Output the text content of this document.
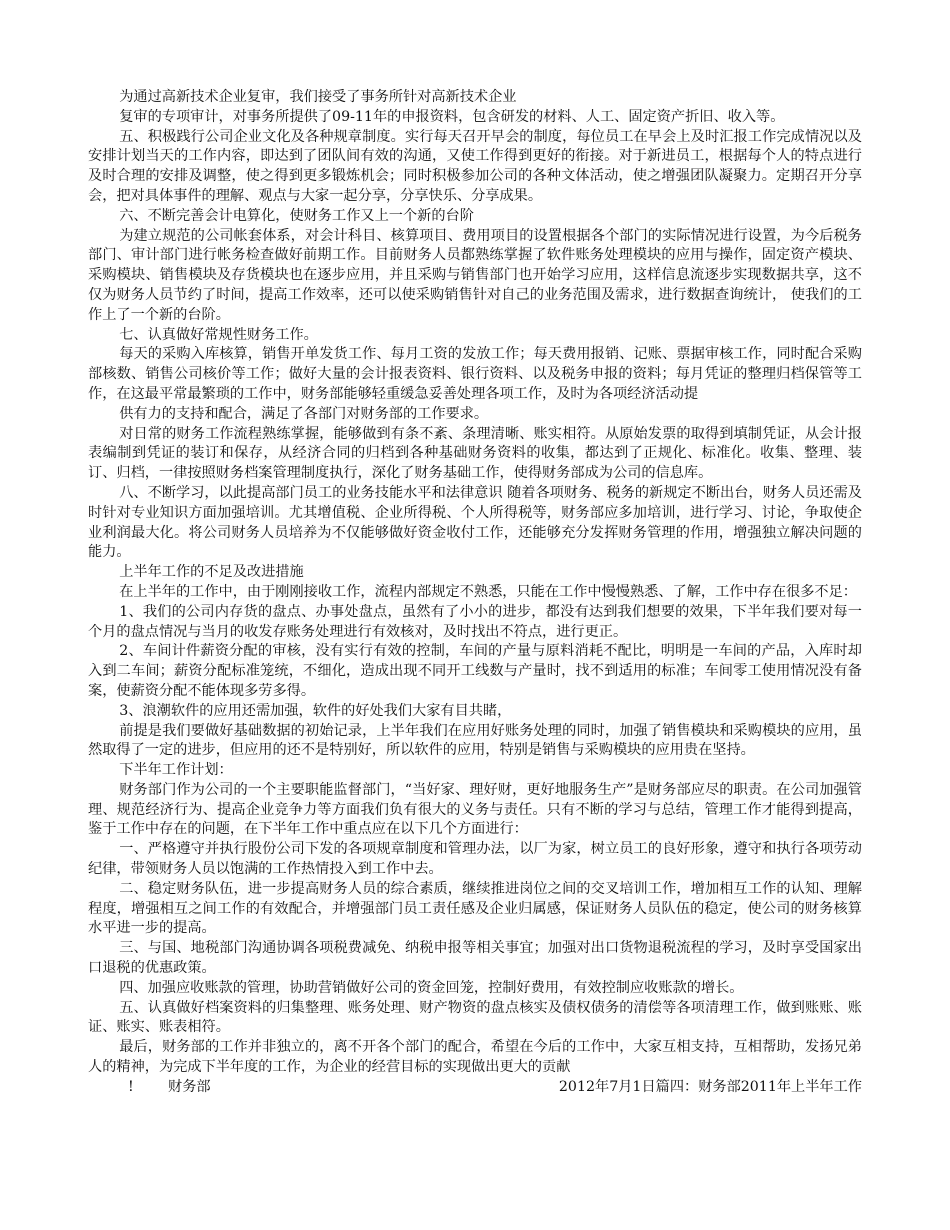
为通过高新技术企业复审，我们接受了事务所针对高新技术企业

复审的专项审计，对事务所提供了09-11年的申报资料，包含研发的材料、人工、固定资产折旧、收入等。

五、积极践行公司企业文化及各种规章制度。实行每天召开早会的制度，每位员工在早会上及时汇报工作完成情况以及安排计划当天的工作内容，即达到了团队间有效的沟通，又使工作得到更好的衔接。对于新进员工，根据每个人的特点进行及时合理的安排及调整，使之得到更多锻炼机会；同时积极参加公司的各种文体活动，使之增强团队凝聚力。定期召开分享会，把对具体事件的理解、观点与大家一起分享，分享快乐、分享成果。

六、不断完善会计电算化，使财务工作又上一个新的台阶

为建立规范的公司帐套体系，对会计科目、核算项目、费用项目的设置根据各个部门的实际情况进行设置，为今后税务部门、审计部门进行帐务检查做好前期工作。目前财务人员都熟练掌握了软件账务处理模块的应用与操作，固定资产模块、采购模块、销售模块及存货模块也在逐步应用，并且采购与销售部门也开始学习应用，这样信息流逐步实现数据共享，这不仅为财务人员节约了时间，提高工作效率，还可以使采购销售针对自己的业务范围及需求，进行数据查询统计， 使我们的工作上了一个新的台阶。

七、认真做好常规性财务工作。

每天的采购入库核算，销售开单发货工作、每月工资的发放工作；每天费用报销、记账、票据审核工作，同时配合采购部核数、销售公司核价等工作；做好大量的会计报表资料、银行资料、以及税务申报的资料；每月凭证的整理归档保管等工作，在这最平常最繁琐的工作中，财务部能够轻重缓急妥善处理各项工作，及时为各项经济活动提

供有力的支持和配合，满足了各部门对财务部的工作要求。

对日常的财务工作流程熟练掌握，能够做到有条不紊、条理清晰、账实相符。从原始发票的取得到填制凭证，从会计报表编制到凭证的装订和保存，从经济合同的归档到各种基础财务资料的收集，都达到了正规化、标准化。收集、整理、装订、归档，一律按照财务档案管理制度执行，深化了财务基础工作，使得财务部成为公司的信息库。

八、不断学习，以此提高部门员工的业务技能水平和法律意识 随着各项财务、税务的新规定不断出台，财务人员还需及时针对专业知识方面加强培训。尤其增值税、企业所得税、个人所得税等，财务部应多加培训，进行学习、讨论，争取使企业利润最大化。将公司财务人员培养为不仅能够做好资金收付工作，还能够充分发挥财务管理的作用，增强独立解决问题的能力。

上半年工作的不足及改进措施

在上半年的工作中，由于刚刚接收工作，流程内部规定不熟悉，只能在工作中慢慢熟悉、了解，工作中存在很多不足：

1、我们的公司内存货的盘点、办事处盘点，虽然有了小小的进步，都没有达到我们想要的效果，下半年我们要对每一个月的盘点情况与当月的收发存账务处理进行有效核对，及时找出不符点，进行更正。

2、车间计件薪资分配的审核，没有实行有效的控制，车间的产量与原料消耗不配比，明明是一车间的产品，入库时却入到二车间；薪资分配标准笼统，不细化，造成出现不同开工线数与产量时，找不到适用的标准；车间零工使用情况没有备案，使薪资分配不能体现多劳多得。

3、浪潮软件的应用还需加强，软件的好处我们大家有目共睹，

前提是我们要做好基础数据的初始记录，上半年我们在应用好账务处理的同时，加强了销售模块和采购模块的应用，虽然取得了一定的进步，但应用的还不是特别好，所以软件的应用，特别是销售与采购模块的应用贵在坚持。

下半年工作计划：

财务部门作为公司的一个主要职能监督部门，“当好家、理好财，更好地服务生产”是财务部应尽的职责。在公司加强管理、规范经济行为、提高企业竞争力等方面我们负有很大的义务与责任。只有不断的学习与总结，管理工作才能得到提高，鉴于工作中存在的问题，在下半年工作中重点应在以下几个方面进行：

一、严格遵守并执行股份公司下发的各项规章制度和管理办法，以厂为家，树立员工的良好形象，遵守和执行各项劳动纪律，带领财务人员以饱满的工作热情投入到工作中去。

二、稳定财务队伍，进一步提高财务人员的综合素质，继续推进岗位之间的交叉培训工作，增加相互工作的认知、理解程度，增强相互之间工作的有效配合，并增强部门员工责任感及企业归属感，保证财务人员队伍的稳定，使公司的财务核算水平进一步的提高。

三、与国、地税部门沟通协调各项税费减免、纳税申报等相关事宜；加强对出口货物退税流程的学习，及时享受国家出口退税的优惠政策。

四、加强应收账款的管理，协助营销做好公司的资金回笼，控制好费用，有效控制应收账款的增长。

五、认真做好档案资料的归集整理、账务处理、财产物资的盘点核实及债权债务的清偿等各项清理工作，做到账账、账证、账实、账表相符。

最后，财务部的工作并非独立的，离不开各个部门的配合，希望在今后的工作中，大家互相支持，互相帮助，发扬兄弟人的精神，为完成下半年度的工作，为企业的经营目标的实现做出更大的贡献

!	财务部	2012年7月1日篇四：财务部2011年上半年工作
